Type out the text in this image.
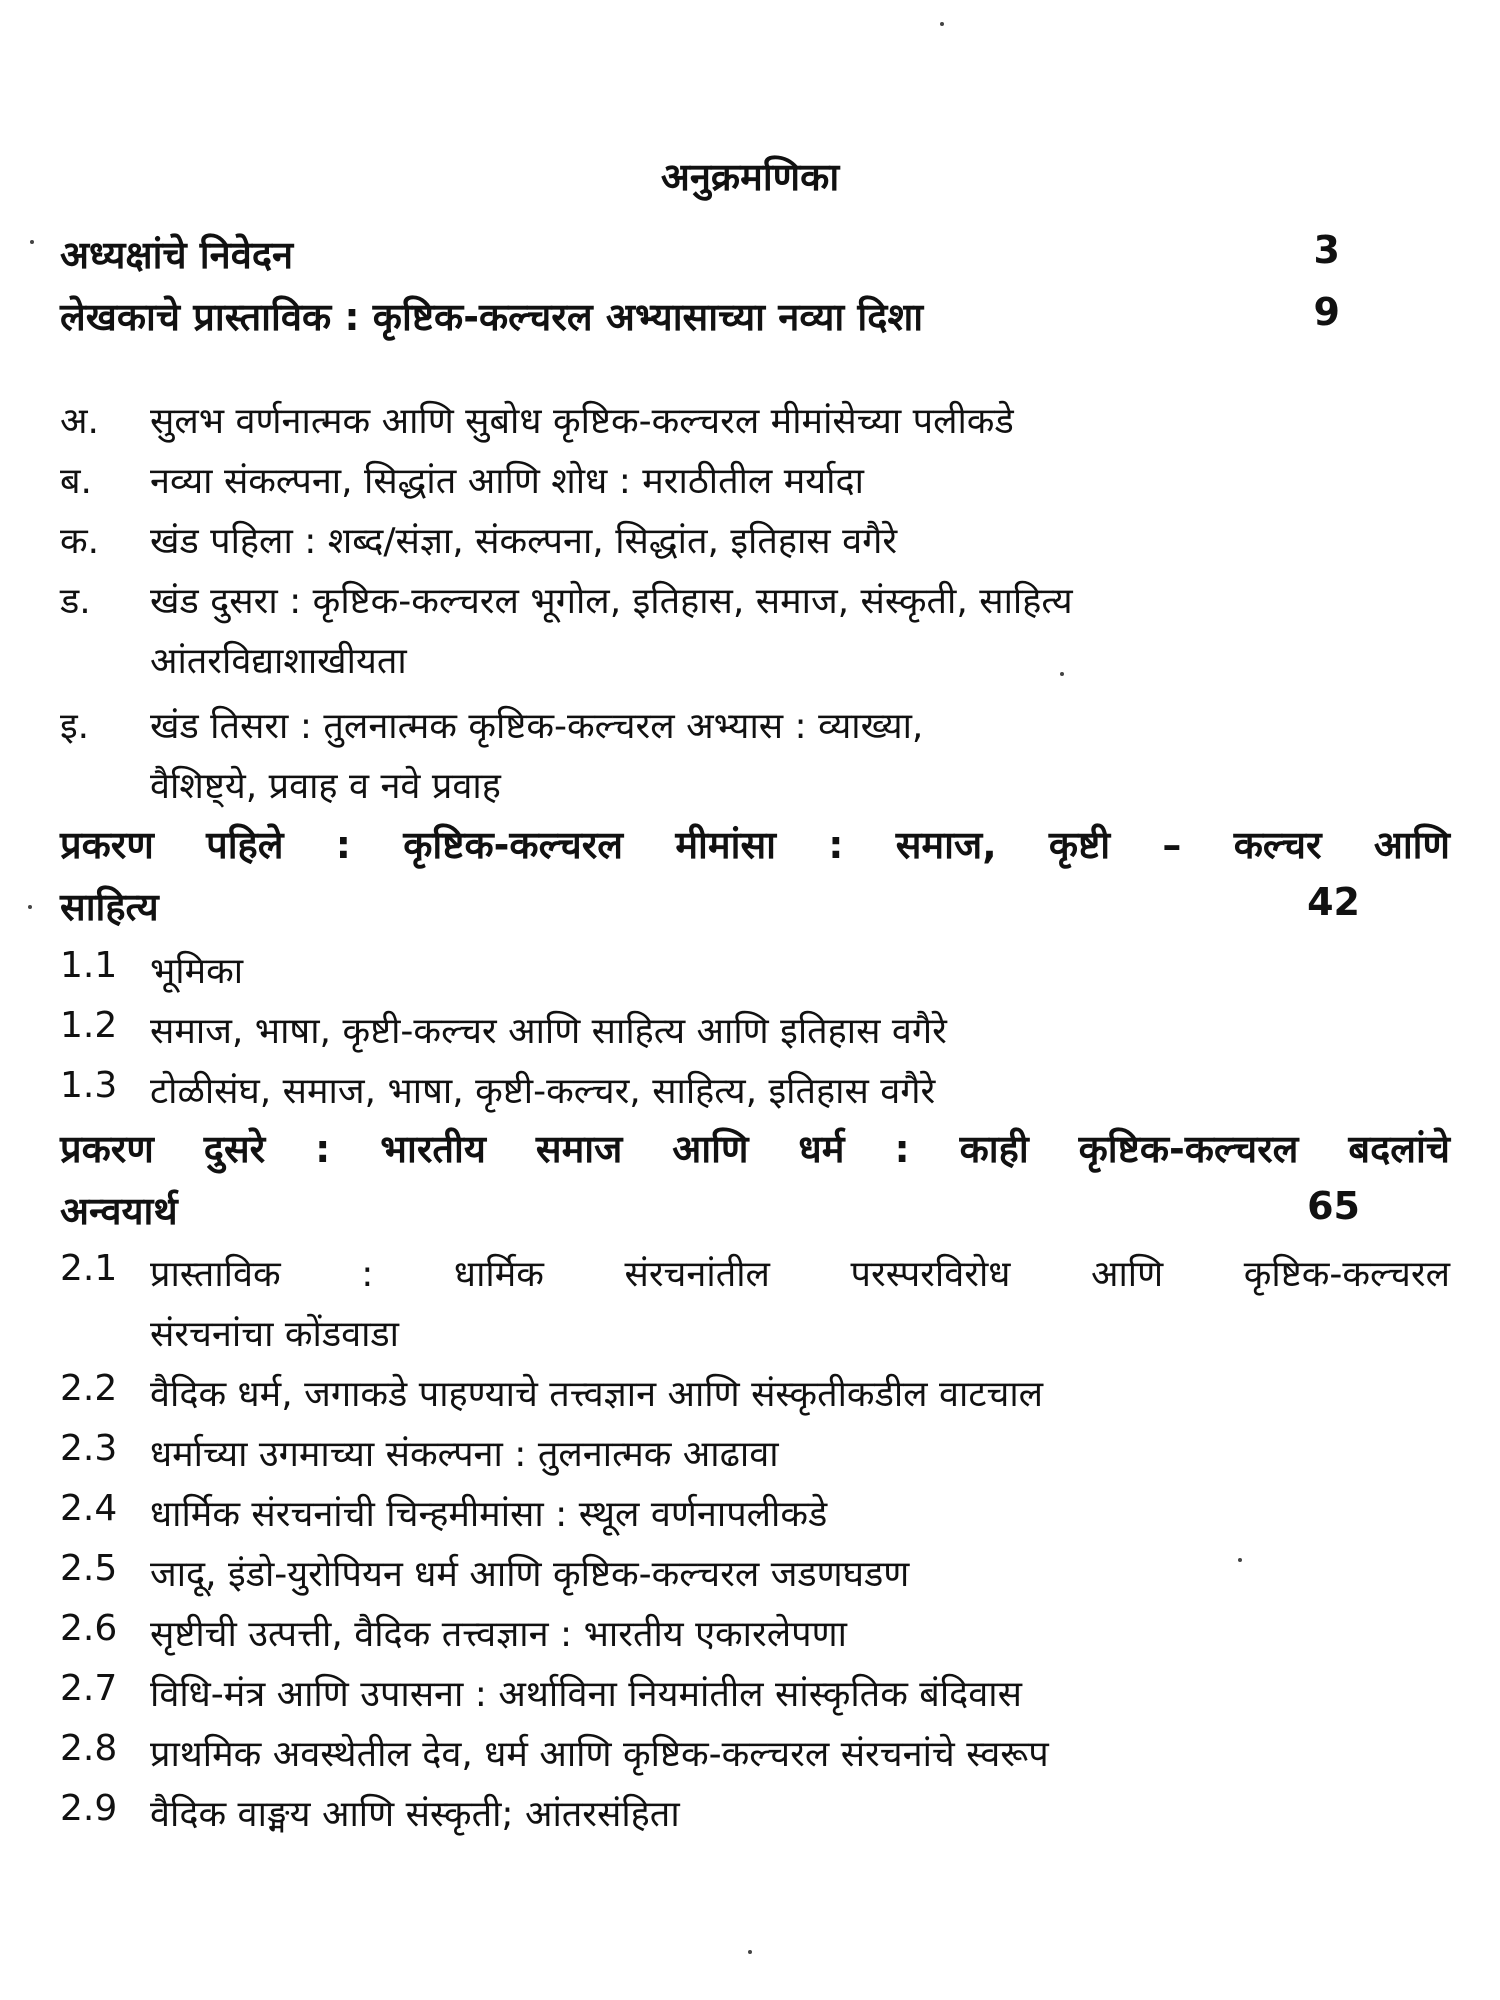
अनुक्रमणिका
अध्यक्षांचे निवेदन	3
लेखकाचे प्रास्ताविक : कृष्टिक-कल्चरल अभ्यासाच्या नव्या दिशा	9
अ. सुलभ वर्णनात्मक आणि सुबोध कृष्टिक-कल्चरल मीमांसेच्या पलीकडे
ब. नव्या संकल्पना, सिद्धांत आणि शोध : मराठीतील मर्यादा
क. खंड पहिला : शब्द/संज्ञा, संकल्पना, सिद्धांत, इतिहास वगैरे
ड. खंड दुसरा : कृष्टिक-कल्चरल भूगोल, इतिहास, समाज, संस्कृती, साहित्य
आंतरविद्याशाखीयता
इ. खंड तिसरा : तुलनात्मक कृष्टिक-कल्चरल अभ्यास : व्याख्या,
वैशिष्ट्ये, प्रवाह व नवे प्रवाह
प्रकरण पहिले : कृष्टिक-कल्चरल मीमांसा : समाज, कृष्टी – कल्चर आणि
साहित्य	42
1.1 भूमिका
1.2 समाज, भाषा, कृष्टी-कल्चर आणि साहित्य आणि इतिहास वगैरे
1.3 टोळीसंघ, समाज, भाषा, कृष्टी-कल्चर, साहित्य, इतिहास वगैरे
प्रकरण दुसरे : भारतीय समाज आणि धर्म : काही कृष्टिक-कल्चरल बदलांचे
अन्वयार्थ	65
2.1 प्रास्ताविक : धार्मिक संरचनांतील परस्परविरोध आणि कृष्टिक-कल्चरल
संरचनांचा कोंडवाडा
2.2 वैदिक धर्म, जगाकडे पाहण्याचे तत्त्वज्ञान आणि संस्कृतीकडील वाटचाल
2.3 धर्माच्या उगमाच्या संकल्पना : तुलनात्मक आढावा
2.4 धार्मिक संरचनांची चिन्हमीमांसा : स्थूल वर्णनापलीकडे
2.5 जादू, इंडो-युरोपियन धर्म आणि कृष्टिक-कल्चरल जडणघडण
2.6 सृष्टीची उत्पत्ती, वैदिक तत्त्वज्ञान : भारतीय एकारलेपणा
2.7 विधि-मंत्र आणि उपासना : अर्थाविना नियमांतील सांस्कृतिक बंदिवास
2.8 प्राथमिक अवस्थेतील देव, धर्म आणि कृष्टिक-कल्चरल संरचनांचे स्वरूप
2.9 वैदिक वाङ्मय आणि संस्कृती; आंतरसंहिता
